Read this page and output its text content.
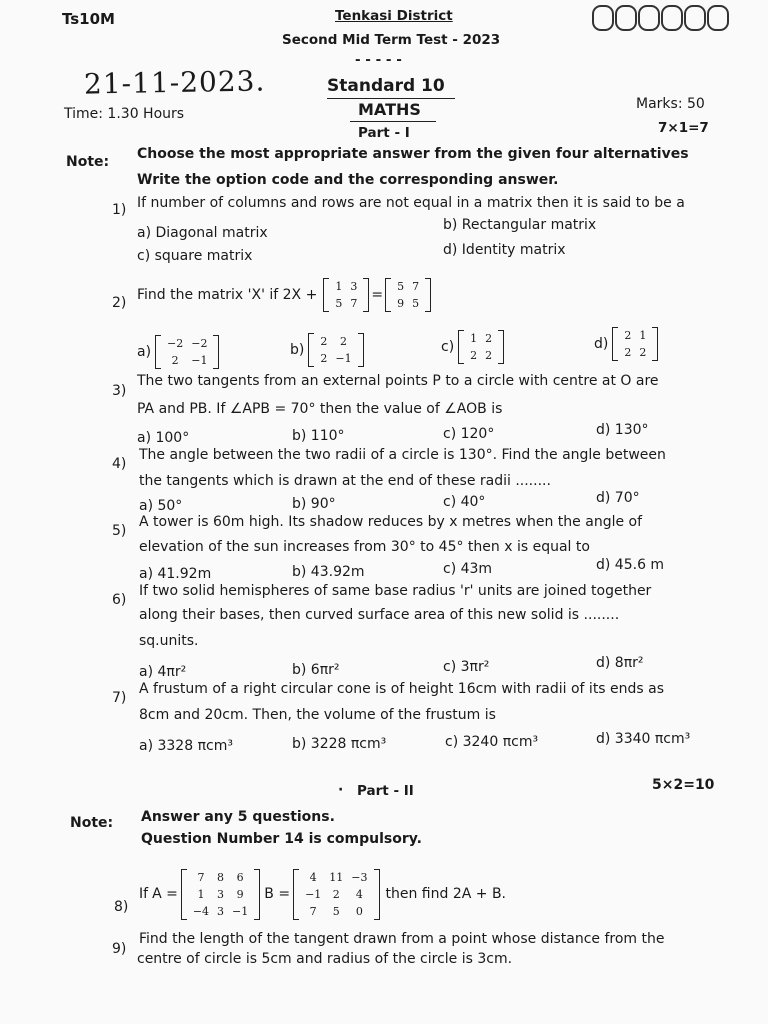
Ts10M	Tenkasi District
Second Mid Term Test - 2023
- - - - -
21-11-2023.
Time: 1.30 Hours
Standard 10
MATHS
Part - I
Marks: 50
7×1=7
Note: Choose the most appropriate answer from the given four alternatives
Write the option code and the corresponding answer.
1) If number of columns and rows are not equal in a matrix then it is said to be a
a) Diagonal matrix	b) Rectangular matrix
c) square matrix	d) Identity matrix
2) Find the matrix 'X' if 2X +
1	3
5	7
=
5	7
9	5
a)
−2	−2
2	−1
b)
2	2
2	−1
c)
1	2
2	2
d)
2	1
2	2
3)
The two tangents from an external points P to a circle with centre at O are
PA and PB. If ∠APB = 70° then the value of ∠AOB is
a) 100°	b) 110°	c) 120°	d) 130°
4)
The angle between the two radii of a circle is 130°. Find the angle between
the tangents which is drawn at the end of these radii ........
a) 50°	b) 90°	c) 40°	d) 70°
5)
A tower is 60m high. Its shadow reduces by x metres when the angle of
elevation of the sun increases from 30° to 45° then x is equal to
a) 41.92m	b) 43.92m	c) 43m	d) 45.6 m
6)
If two solid hemispheres of same base radius 'r' units are joined together
along their bases, then curved surface area of this new solid is ........
sq.units.
a) 4πr²	b) 6πr²	c) 3πr²	d) 8πr²
7)
A frustum of a right circular cone is of height 16cm with radii of its ends as
8cm and 20cm. Then, the volume of the frustum is
a) 3328 πcm³	b) 3228 πcm³	c) 3240 πcm³	d) 3340 πcm³
· Part - II	5×2=10
Note: Answer any 5 questions.
Question Number 14 is compulsory.
8)
If A =
7	8	6
1	3	9
−4	3	−1
B =
4	11	−3
−1	2	4
7	5	0
then find 2A + B.
9)
Find the length of the tangent drawn from a point whose distance from the
centre of circle is 5cm and radius of the circle is 3cm.
